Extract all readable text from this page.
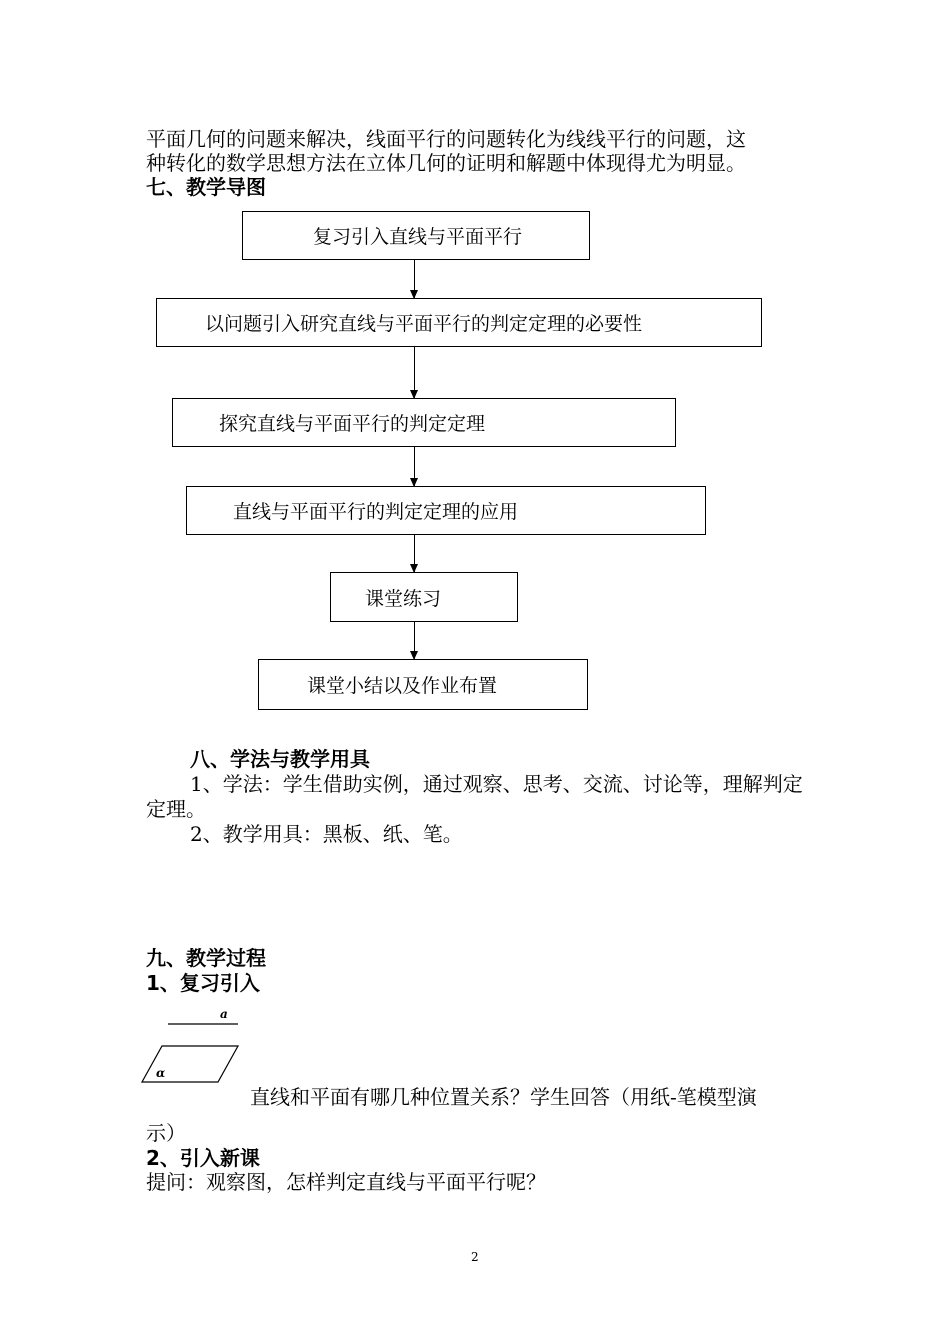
平面几何的问题来解决，线面平行的问题转化为线线平行的问题，这
种转化的数学思想方法在立体几何的证明和解题中体现得尤为明显。
七、教学导图
复习引入直线与平面平行
以问题引入研究直线与平面平行的判定定理的必要性
探究直线与平面平行的判定定理
直线与平面平行的判定定理的应用
课堂练习
课堂小结以及作业布置
八、学法与教学用具
1、学法：学生借助实例，通过观察、思考、交流、讨论等，理解判定
定理。
2、教学用具：黑板、纸、笔。
九、教学过程
1、复习引入
a
α
直线和平面有哪几种位置关系？学生回答（用纸-笔模型演
示）
2、引入新课
提问：观察图，怎样判定直线与平面平行呢？
2
